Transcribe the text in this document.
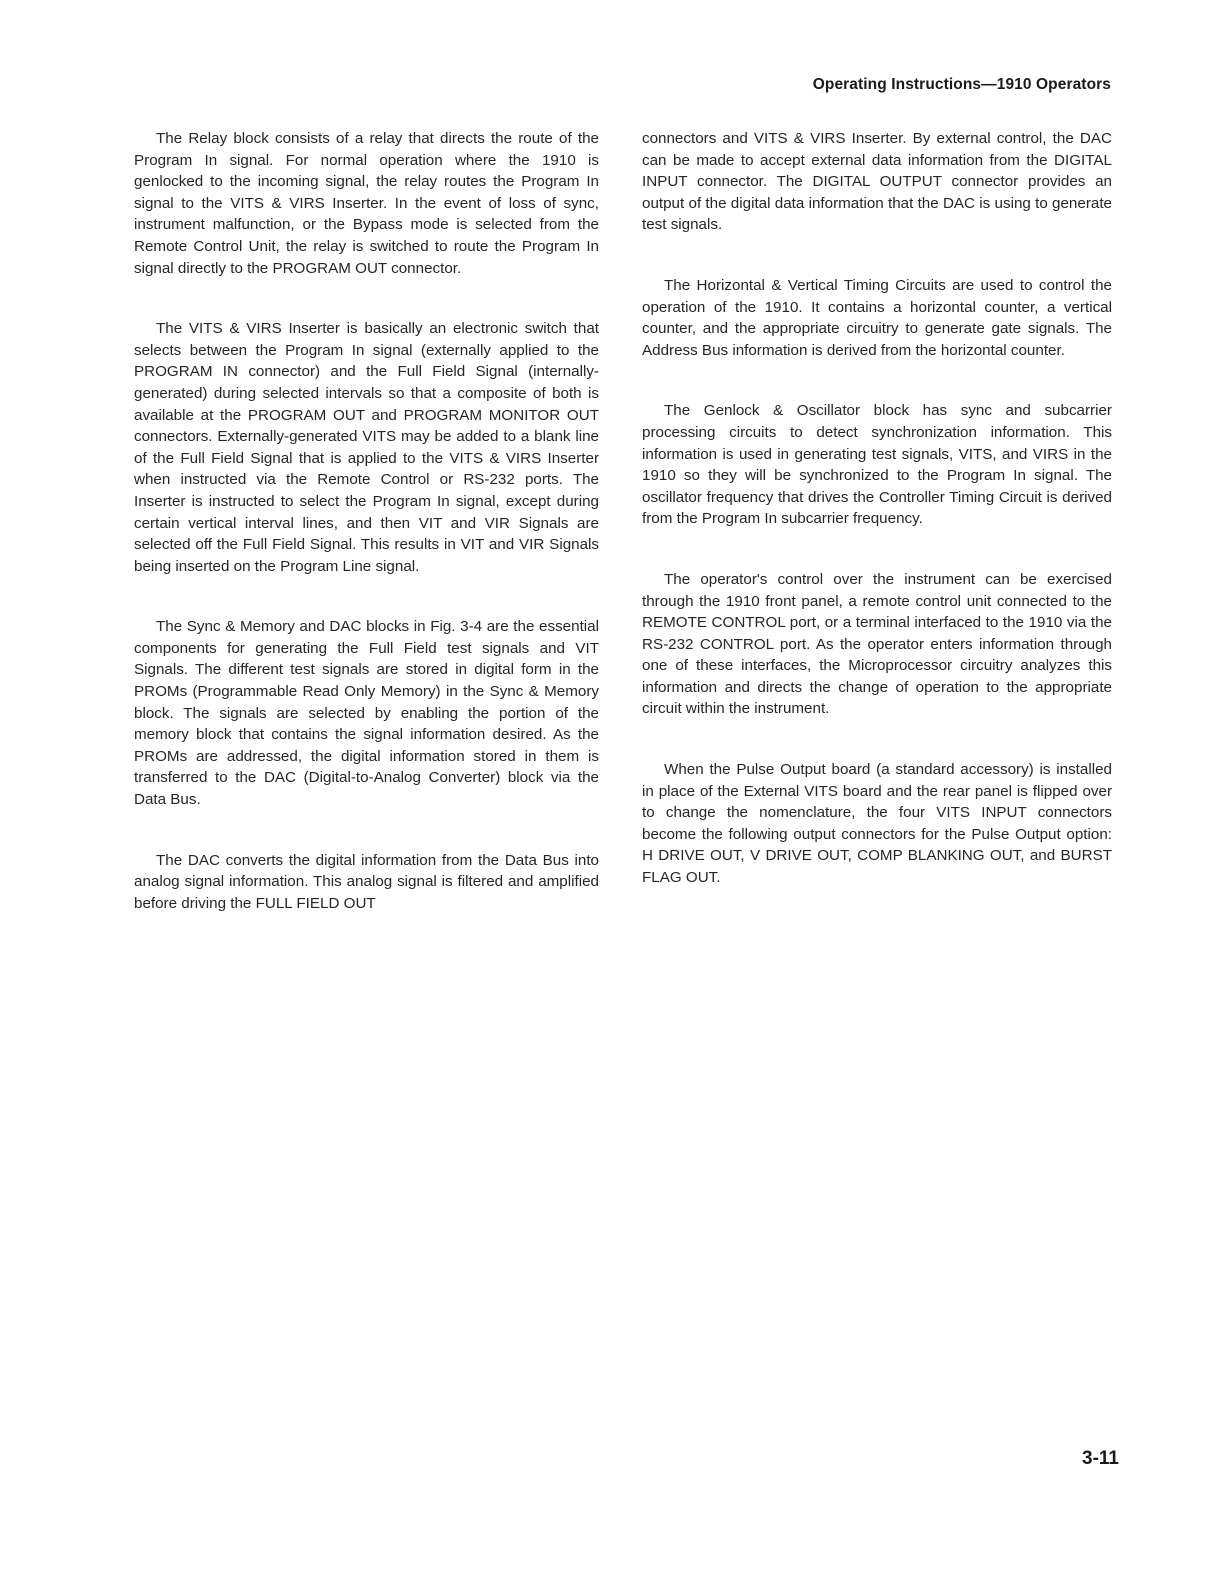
Operating Instructions—1910 Operators

The Relay block consists of a relay that directs the route of the Program In signal. For normal operation where the 1910 is genlocked to the incoming signal, the relay routes the Program In signal to the VITS & VIRS Inserter. In the event of loss of sync, instrument malfunction, or the Bypass mode is selected from the Remote Control Unit, the relay is switched to route the Program In signal directly to the PROGRAM OUT connector.

The VITS & VIRS Inserter is basically an electronic switch that selects between the Program In signal (externally applied to the PROGRAM IN connector) and the Full Field Signal (internally-generated) during selected intervals so that a composite of both is available at the PROGRAM OUT and PROGRAM MONITOR OUT connectors. Externally-generated VITS may be added to a blank line of the Full Field Signal that is applied to the VITS & VIRS Inserter when instructed via the Remote Control or RS-232 ports. The Inserter is instructed to select the Program In signal, except during certain vertical interval lines, and then VIT and VIR Signals are selected off the Full Field Signal. This results in VIT and VIR Signals being inserted on the Program Line signal.

The Sync & Memory and DAC blocks in Fig. 3-4 are the essential components for generating the Full Field test signals and VIT Signals. The different test signals are stored in digital form in the PROMs (Programmable Read Only Memory) in the Sync & Memory block. The signals are selected by enabling the portion of the memory block that contains the signal information desired. As the PROMs are addressed, the digital information stored in them is transferred to the DAC (Digital-to-Analog Converter) block via the Data Bus.

The DAC converts the digital information from the Data Bus into analog signal information. This analog signal is filtered and amplified before driving the FULL FIELD OUT

connectors and VITS & VIRS Inserter. By external control, the DAC can be made to accept external data information from the DIGITAL INPUT connector. The DIGITAL OUTPUT connector provides an output of the digital data information that the DAC is using to generate test signals.

The Horizontal & Vertical Timing Circuits are used to control the operation of the 1910. It contains a horizontal counter, a vertical counter, and the appropriate circuitry to generate gate signals. The Address Bus information is derived from the horizontal counter.

The Genlock & Oscillator block has sync and subcarrier processing circuits to detect synchronization information. This information is used in generating test signals, VITS, and VIRS in the 1910 so they will be synchronized to the Program In signal. The oscillator frequency that drives the Controller Timing Circuit is derived from the Program In subcarrier frequency.

The operator's control over the instrument can be exercised through the 1910 front panel, a remote control unit connected to the REMOTE CONTROL port, or a terminal interfaced to the 1910 via the RS-232 CONTROL port. As the operator enters information through one of these interfaces, the Microprocessor circuitry analyzes this information and directs the change of operation to the appropriate circuit within the instrument.

When the Pulse Output board (a standard accessory) is installed in place of the External VITS board and the rear panel is flipped over to change the nomenclature, the four VITS INPUT connectors become the following output connectors for the Pulse Output option: H DRIVE OUT, V DRIVE OUT, COMP BLANKING OUT, and BURST FLAG OUT.

3-11
